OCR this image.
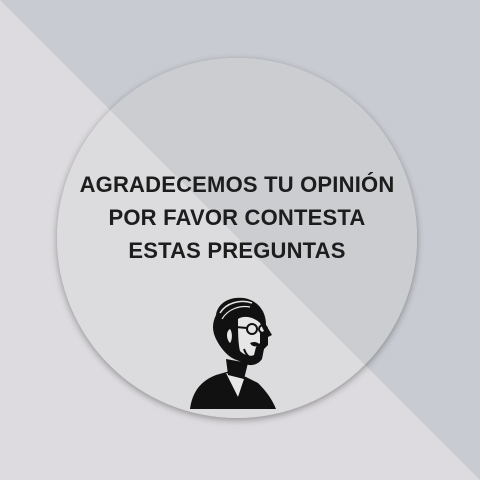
AGRADECEMOS TU OPINIÓN
POR FAVOR CONTESTA
ESTAS PREGUNTAS
